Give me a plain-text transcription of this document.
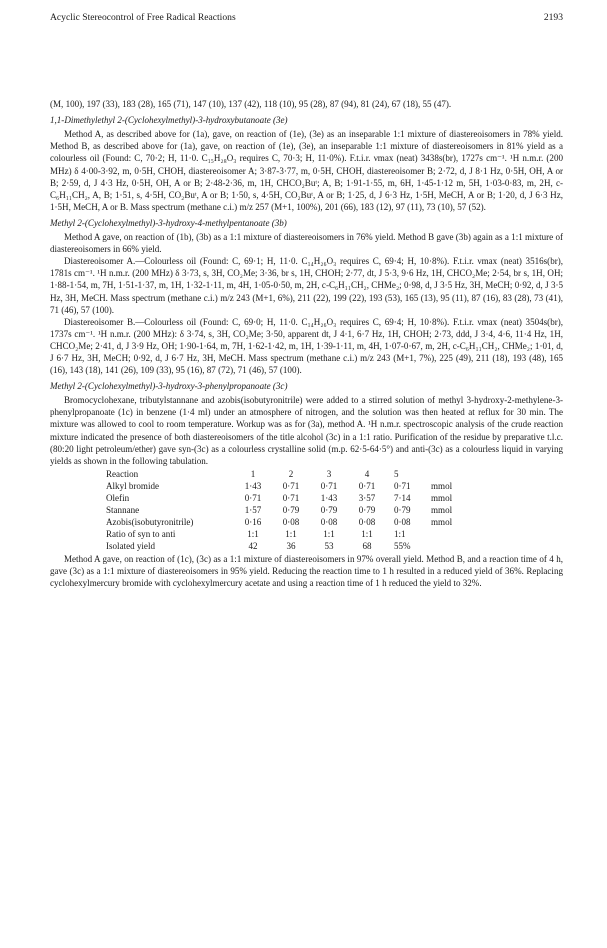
Acyclic Stereocontrol of Free Radical Reactions	2193

(M, 100), 197 (33), 183 (28), 165 (71), 147 (10), 137 (42), 118 (10), 95 (28), 87 (94), 81 (24), 67 (18), 55 (47).

1,1-Dimethylethyl 2-(Cyclohexylmethyl)-3-hydroxybutanoate (3e)

Method A, as described above for (1a), gave, on reaction of (1e), (3e) as an inseparable 1:1 mixture of diastereoisomers in 78% yield. Method B, as described above for (1a), gave, on reaction of (1e), (3e), an inseparable 1:1 mixture of diastereoisomers in 81% yield as a colourless oil (Found: C, 70·2; H, 11·0. C₁₅H₂₈O₃ requires C, 70·3; H, 11·0%). F.t.i.r. νmax (neat) 3438s(br), 1727s cm⁻¹. ¹H n.m.r. (200 MHz) δ 4·00-3·92, m, 0·5H, CHOH, diastereoisomer A; 3·87-3·77, m, 0·5H, CHOH, diastereoisomer B; 2·72, d, J 8·1 Hz, 0·5H, OH, A or B; 2·59, d, J 4·3 Hz, 0·5H, OH, A or B; 2·48-2·36, m, 1H, CHCO₂Buᵗ; A, B; 1·91-1·55, m, 6H, 1·45-1·12 m, 5H, 1·03-0·83, m, 2H, c-C₆H₁₁CH₂, A, B; 1·51, s, 4·5H, CO₂Buᵗ, A or B; 1·50, s, 4·5H, CO₂Buᵗ, A or B; 1·25, d, J 6·3 Hz, 1·5H, MeCH, A or B; 1·20, d, J 6·3 Hz, 1·5H, MeCH, A or B. Mass spectrum (methane c.i.) m/z 257 (M+1, 100%), 201 (66), 183 (12), 97 (11), 73 (10), 57 (52).

Methyl 2-(Cyclohexylmethyl)-3-hydroxy-4-methylpentanoate (3b)

Method A gave, on reaction of (1b), (3b) as a 1:1 mixture of diastereoisomers in 76% yield. Method B gave (3b) again as a 1:1 mixture of diastereoisomers in 66% yield.

Diastereoisomer A.—Colourless oil (Found: C, 69·1; H, 11·0. C₁₄H₂₆O₃ requires C, 69·4; H, 10·8%). F.t.i.r. νmax (neat) 3516s(br), 1781s cm⁻¹. ¹H n.m.r. (200 MHz) δ 3·73, s, 3H, CO₂Me; 3·36, br s, 1H, CHOH; 2·77, dt, J 5·3, 9·6 Hz, 1H, CHCO₂Me; 2·54, br s, 1H, OH; 1·88-1·54, m, 7H, 1·51-1·37, m, 1H, 1·32-1·11, m, 4H, 1·05-0·50, m, 2H, c-C₆H₁₁CH₂, CHMe₂; 0·98, d, J 3·5 Hz, 3H, MeCH; 0·92, d, J 3·5 Hz, 3H, MeCH. Mass spectrum (methane c.i.) m/z 243 (M+1, 6%), 211 (22), 199 (22), 193 (53), 165 (13), 95 (11), 87 (16), 83 (28), 73 (41), 71 (46), 57 (100).

Diastereoisomer B.—Colourless oil (Found: C, 69·0; H, 11·0. C₁₄H₂₆O₃ requires C, 69·4; H, 10·8%). F.t.i.r. νmax (neat) 3504s(br), 1737s cm⁻¹. ¹H n.m.r. (200 MHz): δ 3·74, s, 3H, CO₂Me; 3·50, apparent dt, J 4·1, 6·7 Hz, 1H, CHOH; 2·73, ddd, J 3·4, 4·6, 11·4 Hz, 1H, CHCO₂Me; 2·41, d, J 3·9 Hz, OH; 1·90-1·64, m, 7H, 1·62-1·42, m, 1H, 1·39-1·11, m, 4H, 1·07-0·67, m, 2H, c-C₆H₁₁CH₂, CHMe₂; 1·01, d, J 6·7 Hz, 3H, MeCH; 0·92, d, J 6·7 Hz, 3H, MeCH. Mass spectrum (methane c.i.) m/z 243 (M+1, 7%), 225 (49), 211 (18), 193 (48), 165 (16), 143 (18), 141 (26), 109 (33), 95 (16), 87 (72), 71 (46), 57 (100).

Methyl 2-(Cyclohexylmethyl)-3-hydroxy-3-phenylpropanoate (3c)

Bromocyclohexane, tributylstannane and azobis(isobutyronitrile) were added to a stirred solution of methyl 3-hydroxy-2-methylene-3-phenylpropanoate (1c) in benzene (1·4 ml) under an atmosphere of nitrogen, and the solution was then heated at reflux for 30 min. The mixture was allowed to cool to room temperature. Workup was as for (3a), method A. ¹H n.m.r. spectroscopic analysis of the crude reaction mixture indicated the presence of both diastereoisomers of the title alcohol (3c) in a 1:1 ratio. Purification of the residue by preparative t.l.c. (80:20 light petroleum/ether) gave syn-(3c) as a colourless crystalline solid (m.p. 62·5-64·5°) and anti-(3c) as a colourless liquid in varying yields as shown in the following tabulation.

Reaction	1	2	3	4	5	
Alkyl bromide	1·43	0·71	0·71	0·71	0·71	mmol
Olefin	0·71	0·71	1·43	3·57	7·14	mmol
Stannane	1·57	0·79	0·79	0·79	0·79	mmol
Azobis(isobutyronitrile)	0·16	0·08	0·08	0·08	0·08	mmol
Ratio of syn to anti	1:1	1:1	1:1	1:1	1:1	
Isolated yield	42	36	53	68	55%	

Method A gave, on reaction of (1c), (3c) as a 1:1 mixture of diastereoisomers in 97% overall yield. Method B, and a reaction time of 4 h, gave (3c) as a 1:1 mixture of diastereoisomers in 95% yield. Reducing the reaction time to 1 h resulted in a reduced yield of 36%. Replacing cyclohexylmercury bromide with cyclohexylmercury acetate and using a reaction time of 1 h reduced the yield to 32%.
